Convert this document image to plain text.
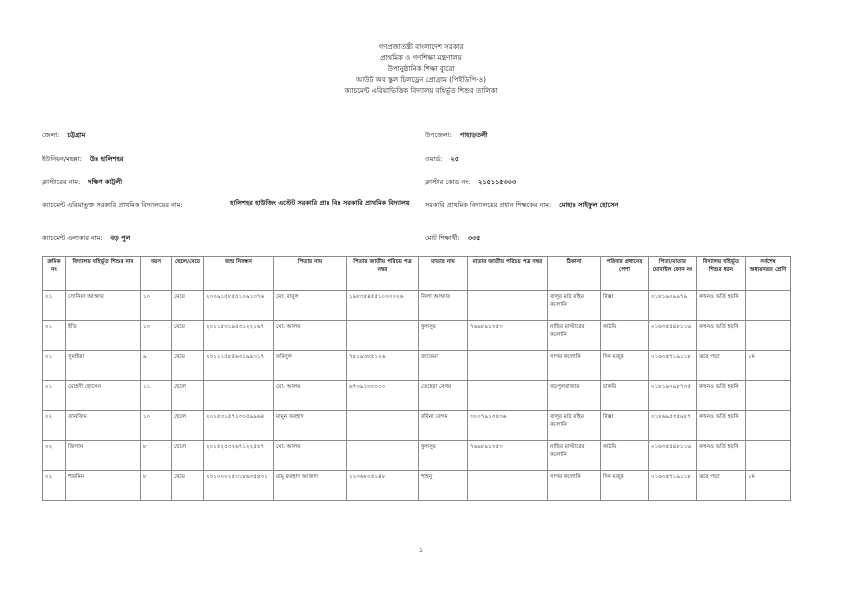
গণপ্রজাতন্ত্রী বাংলাদেশ সরকার
প্রাথমিক ও গণশিক্ষা মন্ত্রণালয়
উপানুষ্ঠানিক শিক্ষা ব্যুরো
আউট অব স্কুল চিলড্রেন প্রোগ্রাম (পিইডিপি-৪)
ক্যাচমেন্ট এরিয়াভিত্তিক বিদ্যালয় বহির্ভূত শিশুর তালিকা
জেলা: চট্টগ্রাম	উপজেলা: পাহাড়তলী
ইউনিয়ন/মহল্লা: উঃ হালিশহর	ওয়ার্ড: ২৫
ক্লাস্টারের নাম: দক্ষিণ কাট্টলী	ক্লাস্টার কোড নং: ২১৫১১৫৩০৩
ক্যাচমেন্ট এরিয়াভুক্ত সরকারি প্রাথমিক বিদ্যালয়ের নাম:	হালিশহর হাউজিং এস্টেট সরকারি প্রাঃ বিঃ সরকারি প্রাথমিক বিদ্যালয় সরকারি প্রাথমিক বিদ্যালয়ের প্রধান শিক্ষকের নাম: মোহাঃ সাইফুল হোসেন
ক্যাচমেন্ট এলাকার নাম: বড় পুল	মোট শিক্ষার্থী: ৩৩৫
ক্রমিক নং	বিদ্যালয় বহির্ভূত শিশুর নাম	বয়স	ছেলে/মেয়ে	জন্ম নিবন্ধন	পিতার নাম	পিতার জাতীয় পরিচয় পত্র নম্বর	মাতার নাম	মাতার জাতীয় পরিচয় পত্র নম্বর	ঠিকানা	পরিবার প্রধানের পেশা	পিতা/মাতার মোবাইল ফোন নং	বিদ্যালয় বহির্ভূত শিশুর ধরন	সর্বশেষ অধ্যয়নরত শ্রেণি
০১	সোনিয়া আক্তার	১০	মেয়ে	২০০৯১৫৮৫৫১০৯১৩৭৬	মো: বাবুল	১৯৮৩৫৪৫৫১০০০০২৬	নিলা আক্তার		বালুর মাঠ রহিম কলোনি	রিক্সা	০১৮১৯০৯৯৭৯	কখনও ভর্তি হয়নি	
০১	ইতি	১০	মেয়ে	২০১১৫৩১৯৫৩১২২১৬৭	মো: আলম		কুলসুম	৭৬৯৮৯১৩৫৩	নাছির মাস্টারের কলোনি	কাঠমি	০১৬৩৫৫৪৮১১৬	কখনও ভর্তি হয়নি	
০১	সুমাইয়া	৯	মেয়ে	২০১২১৫৮৫৬৩১৯৯৩১৭	ফরিদুল	৭৮১৯৩৮৫১২৬	ফাতেমা		সাগর কলোনি	দিন মজুর	০১৬৩৫৭১৯১১৮	ঝরে পড়া	১ম
০১	মেহেদী হোসেন	১১	ছেলে		মো: আলম	৬৭৩৯১৩০০০০	তেহেরা বেগম		বড়পুলবাজার	চাকরি	০১৮১৯০৯৮৭৩৫	কখনও ভর্তি হয়নি	
০২	তানজিম	১০	ছেলে	২০১৫৩১৫৭১৩০৫৯৯৬৪	মামুন ফরহাদ		রবিনা বেগম	৩০০৭৯১৩৫৩৬	বালুর মাঠ রহিম কলোনি	রিক্সা	০১৮৬৯৫৩৫৯৮৭	কখনও ভর্তি হয়নি	
০২	জিসান	৮	ছেলে	২০১৫২৫৩২৬৭১২২৫৫৭	মো: আলম		কুলসুম	৭৬৯৮৯১৩৫৩	নাছির মাস্টারের কলোনি	কাঠমি	০১৬৩৫৫৪৮১১৬	কখনও ভর্তি হয়নি	
০২	শারমিন	৮	মেয়ে	২০১০০০২৫৩১৮৬৩৫৪৩১	মামু ফরহাদ আজাদ	২২৩৬৮০৫১৪৮	শাহনু		সাগর কলোনি	দিন মজুর	০১৬৩৫৭১৯১১৮	ঝরে পড়া	১ম
১
